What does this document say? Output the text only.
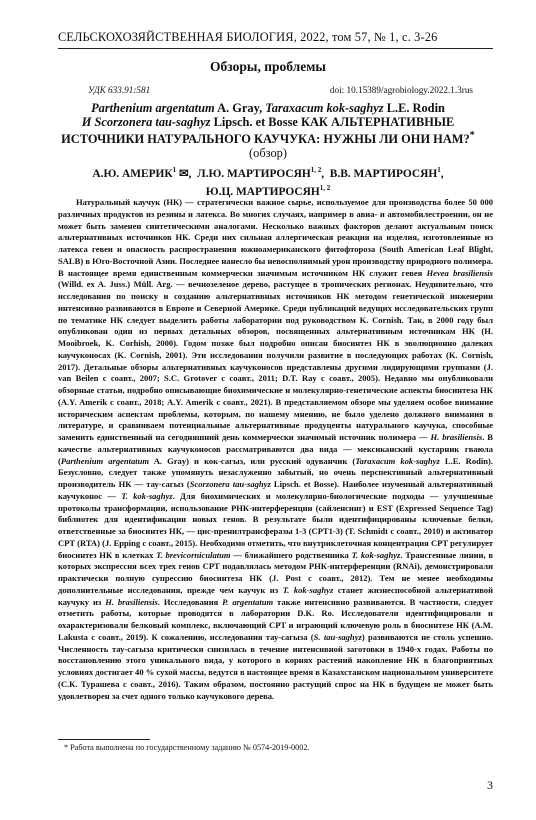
СЕЛЬСКОХОЗЯЙСТВЕННАЯ БИОЛОГИЯ, 2022, том 57, № 1, с. 3-26
Обзоры, проблемы
УДК 633.91:581	doi: 10.15389/agrobiology.2022.1.3rus
Parthenium argentatum A. Gray, Taraxacum kok-saghyz L.E. Rodin
И Scorzonera tau-saghyz Lipsch. et Bosse КАК АЛЬТЕРНАТИВНЫЕ ИСТОЧНИКИ НАТУРАЛЬНОГО КАУЧУКА: НУЖНЫ ЛИ ОНИ НАМ?*
(обзор)
А.Ю. АМЕРИК$^1$ ✉,  Л.Ю. МАРТИРОСЯН$^{1, 2}$,  В.В. МАРТИРОСЯН$^1$,
Ю.Ц. МАРТИРОСЯН$^{1, 2}$

Натуральный каучук (НК) — стратегически важное сырье, используемое для производства более 50 000 различных продуктов из резины и латекса. Во многих случаях, например в авиа- и автомобилестроении, он не может быть заменен синтетическими аналогами. Несколько важных факторов делают актуальным поиск альтернативных источников НК. Среди них сильная аллергическая реакция на изделия, изготовленные из латекса гевеи и опасность распространения южноамериканского фитофтороза (South American Leaf Blight, SALB) в Юго-Восточной Азии. Последнее нанесло бы невосполнимый урон производству природного полимера. В настоящее время единственным коммерчески значимым источником НК служит гевея Hevea brasiliensis (Willd. ex A. Juss.) Müll. Arg. — вечнозеленое дерево, растущее в тропических регионах. Неудивительно, что исследования по поиску и созданию альтернативных источников НК методом генетической инженерии интенсивно развиваются в Европе и Северной Америке. Среди публикаций ведущих исследовательских групп по тематике НК следует выделить работы лаборатории под руководством K. Cornish. Так, в 2000 году был опубликован один из первых детальных обзоров, посвященных альтернативным источникам НК (H. Mooibroek, K. Corhish, 2000). Годом позже был подробно описан биосинтез НК в эволюционно далеких каучуконосах (K. Cornish, 2001). Эти исследования получили развитие в последующих работах (K. Cornish, 2017). Детальные обзоры альтернативных каучуконосов представлены другими лидирующими группами (J. van Beilen с соавт., 2007; S.C. Grotover с соавт., 2011; D.T. Ray с соавт., 2005). Недавно мы опубликовали обзорные статьи, подробно описывающие биохимические и молекулярно-генетические аспекты биосинтеза НК (A.Y. Amerik с соавт., 2018; A.Y. Amerik с соавт., 2021). В представляемом обзоре мы уделяем особое внимание историческим аспектам проблемы, которым, по нашему мнению, не было уделено должного внимания в литературе, и сравниваем потенциальные альтернативные продуценты натурального каучука, способные заменить единственный на сегодняшний день коммерчески значимый источник полимера — H. brasiliensis. В качестве альтернативных каучуконосов рассматриваются два вида — мексиканский кустарник гваюла (Parthenium argentatum A. Gray) и кок-сагыз, или русский одуванчик (Taraxacum kok-saghyz L.E. Rodin). Безусловно, следует также упомянуть незаслуженно забытый, но очень перспективный альтернативный производитель НК — тау-сагыз (Scorzonera tau-saghyz Lipsch. et Bosse). Наиболее изученный альтернативный каучуконос — T. kok-saghyz. Для биохимических и молекулярно-биологические подходы — улучшенные протоколы трансформации, использование РНК-интерференции (сайленсинг) и EST (Expressed Sequence Tag) библиотек для идентификации новых генов. В результате были идентифицированы ключевые белки, ответственные за биосинтез НК, — цис-пренилтрансферазы 1-3 (CPT1-3) (T. Schmidt с соавт., 2010) и активатор CPT (RTA) (J. Epping с соавт., 2015). Необходимо отметить, что внутриклеточная концентрация CPT регулирует биосинтез НК в клетках T. brevicorniculatum — ближайшего родственника T. kok-saghyz. Трансгенные линии, в которых экспрессия всех трех генов CPT подавлялась методом РНК-интерференции (RNAi), демонстрировали практически полную супрессию биосинтеза НК (J. Post с соавт., 2012). Тем не менее необходимы дополнительные исследования, прежде чем каучук из T. kok-saghyz станет жизнеспособной альтернативой каучуку из H. brasiliensis. Исследования P. argentatum также интенсивно развиваются. В частности, следует отметить работы, которые проводятся в лаборатории D.K. Ro. Исследователи идентифицировали и охарактеризовали белковый комплекс, включающий CPT и играющий ключевую роль в биосинтезе НК (A.M. Lakusta с соавт., 2019). К сожалению, исследования тау-сагыза (S. tau-saghyz) развиваются не столь успешно. Численность тау-сагыза критически снизилась в течение интенсивной заготовки в 1940-х годах. Работы по восстановлению этого уникального вида, у которого в корнях растений накопление НК в благоприятных условиях достигает 40 % сухой массы, ведутся в настоящее время в Казахстанском национальном университете (С.К. Турашева с соавт., 2016). Таким образом, постоянно растущий спрос на НК в будущем не может быть удовлетворен за счет одного только каучукового дерева.

* Работа выполнена по государственному заданию № 0574-2019-0002.
3
